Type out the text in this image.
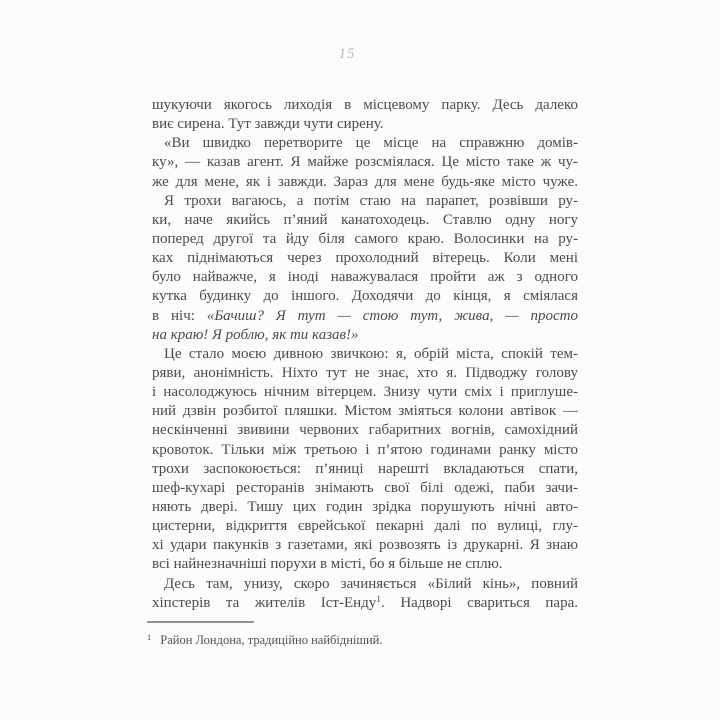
15
шукуючи якогось лиходія в місцевому парку. Десь далеко
виє сирена. Тут завжди чути сирену.
«Ви швидко перетворите це місце на справжню домів-
ку», — казав агент. Я майже розсміялася. Це місто таке ж чу-
же для мене, як і завжди. Зараз для мене будь-яке місто чуже.
Я трохи вагаюсь, а потім стаю на парапет, розвівши ру-
ки, наче якийсь п’яний канатоходець. Ставлю одну ногу
поперед другої та йду біля самого краю. Волосинки на ру-
ках піднімаються через прохолодний вітерець. Коли мені
було найважче, я іноді наважувалася пройти аж з одного
кутка будинку до іншого. Доходячи до кінця, я сміялася
в ніч: «Бачиш? Я тут — стою тут, жива, — просто
на краю! Я роблю, як ти казав!»
Це стало моєю дивною звичкою: я, обрій міста, спокій тем-
ряви, анонімність. Ніхто тут не знає, хто я. Підводжу голову
і насолоджуюсь нічним вітерцем. Знизу чути сміх і приглуше-
ний дзвін розбитої пляшки. Містом зміяться колони автівок —
нескінченні звивини червоних габаритних вогнів, самохідний
кровоток. Тільки між третьою і п’ятою годинами ранку місто
трохи заспокоюється: п’яниці нарешті вкладаються спати,
шеф-кухарі ресторанів знімають свої білі одежі, паби зачи-
няють двері. Тишу цих годин зрідка порушують нічні авто-
цистерни, відкриття єврейської пекарні далі по вулиці, глу-
хі удари пакунків з газетами, які розвозять із друкарні. Я знаю
всі найнезначніші порухи в місті, бо я більше не сплю.
Десь там, унизу, скоро зачиняється «Білий кінь», повний
хіпстерів та жителів Іст-Енду$^1$. Надворі свариться пара.
$^1$ Район Лондона, традиційно найбідніший.
